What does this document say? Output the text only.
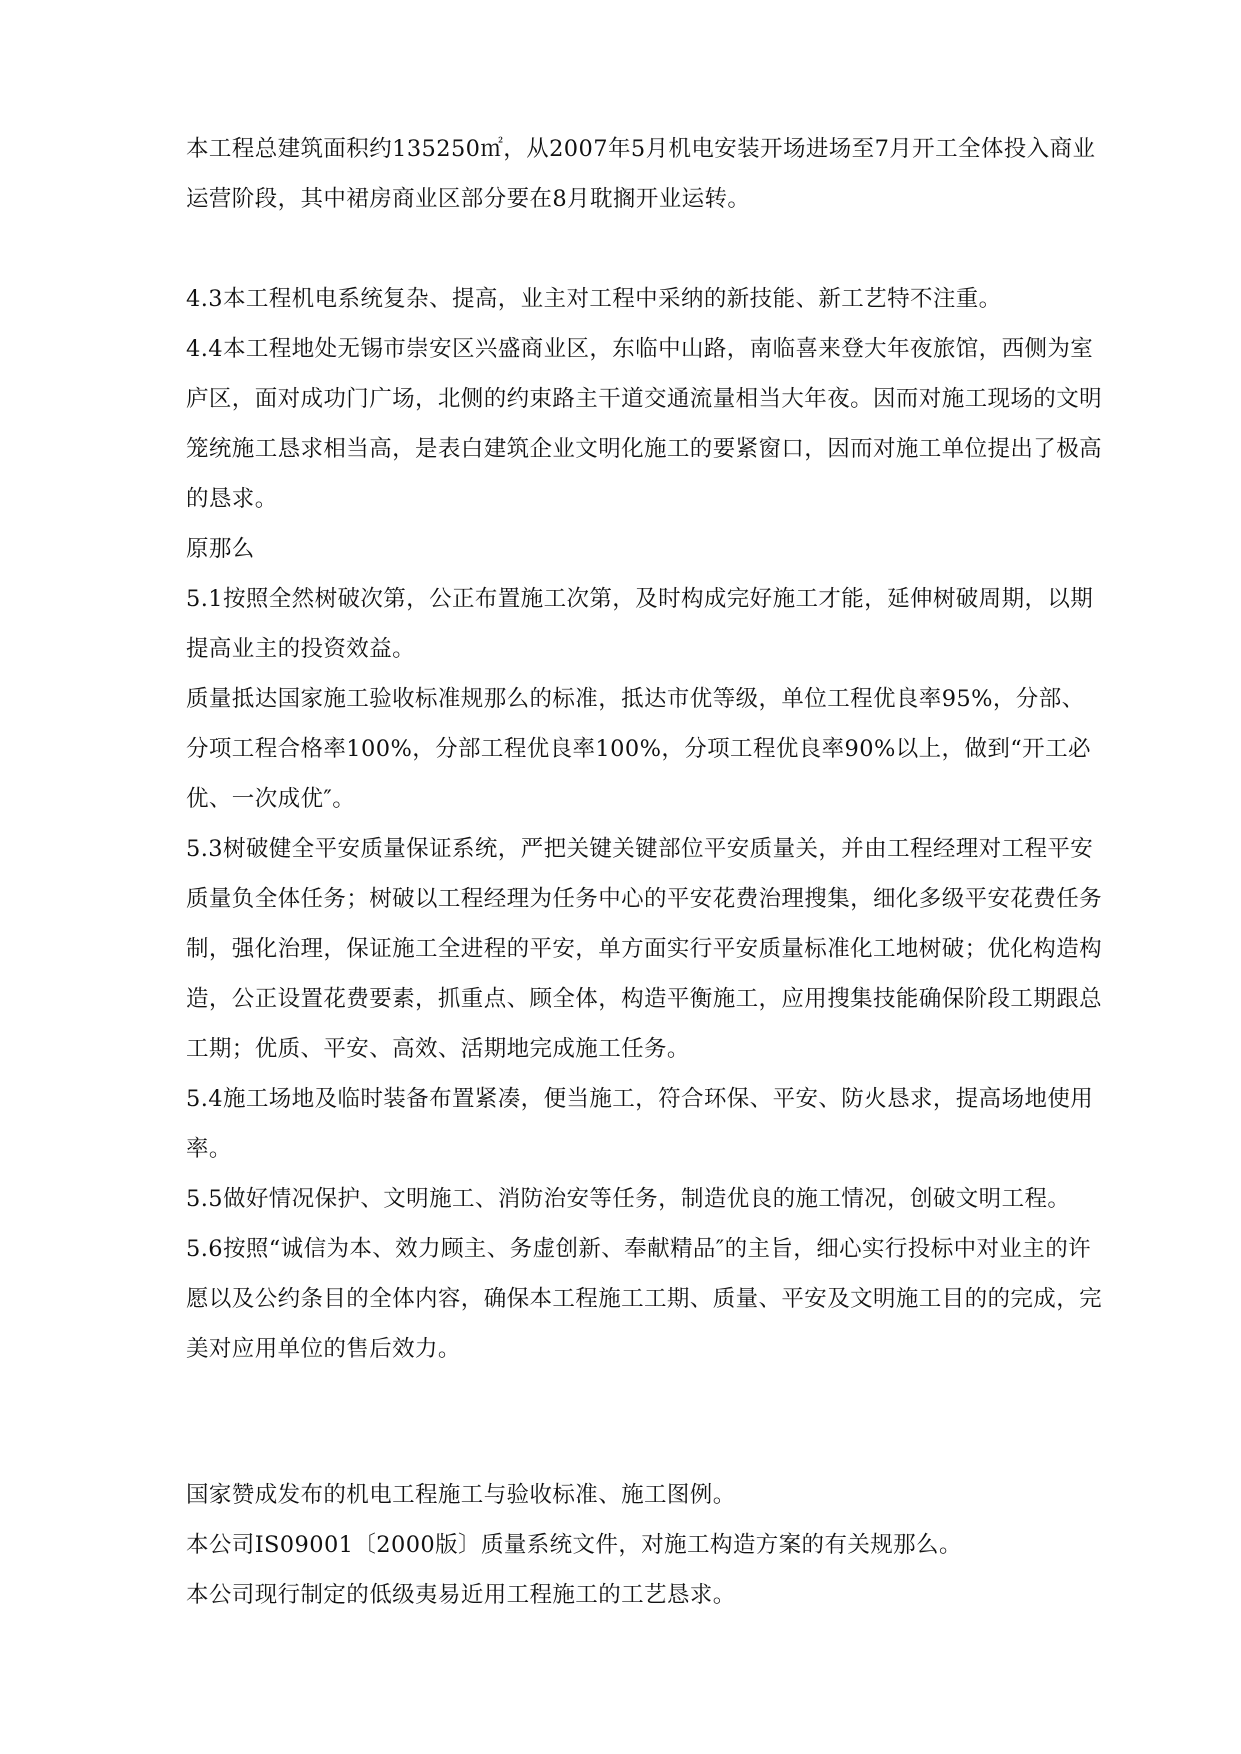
本工程总建筑面积约135250㎡，从2007年5月机电安装开场进场至7月开工全体投入商业运营阶段，其中裙房商业区部分要在8月耽搁开业运转。

4.3本工程机电系统复杂、提高，业主对工程中采纳的新技能、新工艺特不注重。

4.4本工程地处无锡市崇安区兴盛商业区，东临中山路，南临喜来登大年夜旅馆，西侧为室庐区，面对成功门广场，北侧的约束路主干道交通流量相当大年夜。因而对施工现场的文明笼统施工恳求相当高，是表白建筑企业文明化施工的要紧窗口，因而对施工单位提出了极高的恳求。

原那么

5.1按照全然树破次第，公正布置施工次第，及时构成完好施工才能，延伸树破周期，以期提高业主的投资效益。

质量抵达国家施工验收标准规那么的标准，抵达市优等级，单位工程优良率95%，分部、分项工程合格率100%，分部工程优良率100%，分项工程优良率90%以上，做到“开工必优、一次成优″。

5.3树破健全平安质量保证系统，严把关键关键部位平安质量关，并由工程经理对工程平安质量负全体任务；树破以工程经理为任务中心的平安花费治理搜集，细化多级平安花费任务制，强化治理，保证施工全进程的平安，单方面实行平安质量标准化工地树破；优化构造构造，公正设置花费要素，抓重点、顾全体，构造平衡施工，应用搜集技能确保阶段工期跟总工期；优质、平安、高效、活期地完成施工任务。

5.4施工场地及临时装备布置紧凑，便当施工，符合环保、平安、防火恳求，提高场地使用率。

5.5做好情况保护、文明施工、消防治安等任务，制造优良的施工情况，创破文明工程。

5.6按照“诚信为本、效力顾主、务虚创新、奉献精品″的主旨，细心实行投标中对业主的许愿以及公约条目的全体内容，确保本工程施工工期、质量、平安及文明施工目的的完成，完美对应用单位的售后效力。

国家赞成发布的机电工程施工与验收标准、施工图例。

本公司IS09001〔2000版〕质量系统文件，对施工构造方案的有关规那么。

本公司现行制定的低级夷易近用工程施工的工艺恳求。
